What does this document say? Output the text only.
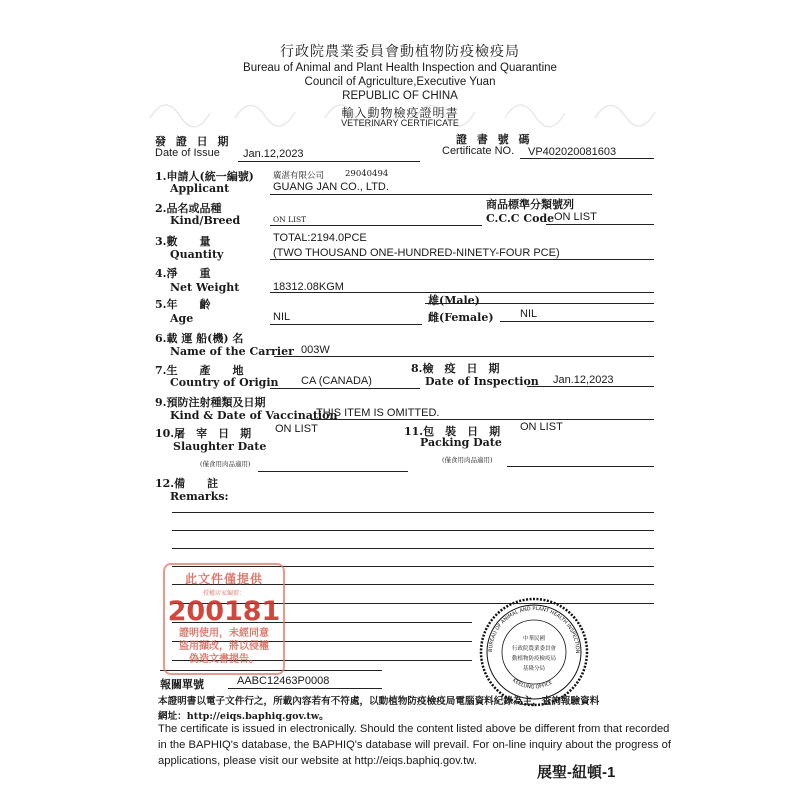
行政院農業委員會動植物防疫檢疫局
Bureau of Animal and Plant Health Inspection and Quarantine
Council of Agriculture,Executive Yuan
REPUBLIC OF CHINA
輸入動物檢疫證明書
VETERINARY CERTIFICATE
發 證 日 期
Date of Issue Jan.12,2023
證 書 號 碼
Certificate NO. VP402020081603
1.申請人(統一編號)
Applicant
廣湛有限公司 29040494
GUANG JAN CO., LTD.
2.品名或品種
Kind/Breed	ON LIST
商品標準分類號列
C.C.C Code ON LIST
3.數　　量
Quantity
TOTAL:2194.0PCE
(TWO THOUSAND ONE-HUNDRED-NINETY-FOUR PCE)
4.淨　　重
Net Weight	18312.08KGM
5.年　　齡
Age	NIL
雄(Male)
雌(Female) NIL
6.載 運 船(機) 名
Name of the Carrier 003W
7.生　　產　　地
Country of Origin CA (CANADA)
8.檢　疫　日　期
Date of Inspection Jan.12,2023
9.預防注射種類及日期
Kind & Date of Vaccination
THIS ITEM IS OMITTED.
10.屠　宰　日　期 ON LIST
Slaughter Date
(僅食用肉品適用)
11.包　裝　日　期 ON LIST
Packing Date
(僅食用肉品適用)
12.備　　註
Remarks:
報關單號	AABC12463P0008
此文件僅提供
授權店家編號：
200181
證明使用，未經同意
盜用擷改，將以侵權
偽造文書提告。
BUREAU OF ANIMAL AND PLANT HEALTH INSPECTION
KEELUNG OFFICE
中華民國
行政院農業委員會
動植物防疫檢疫局
基隆分局
本證明書以電子文件行之，所載內容若有不符處，以動植物防疫檢疫局電腦資料紀錄為主，查詢報驗資料
網址：http://eiqs.baphiq.gov.tw。
The certificate is issued in electronically. Should the content listed above be different from that recorded
in the BAPHIQ's database, the BAPHIQ's database will prevail. For on-line inquiry about the progress of
applications, please visit our website at http://eiqs.baphiq.gov.tw.
展聖-紐頓-1
